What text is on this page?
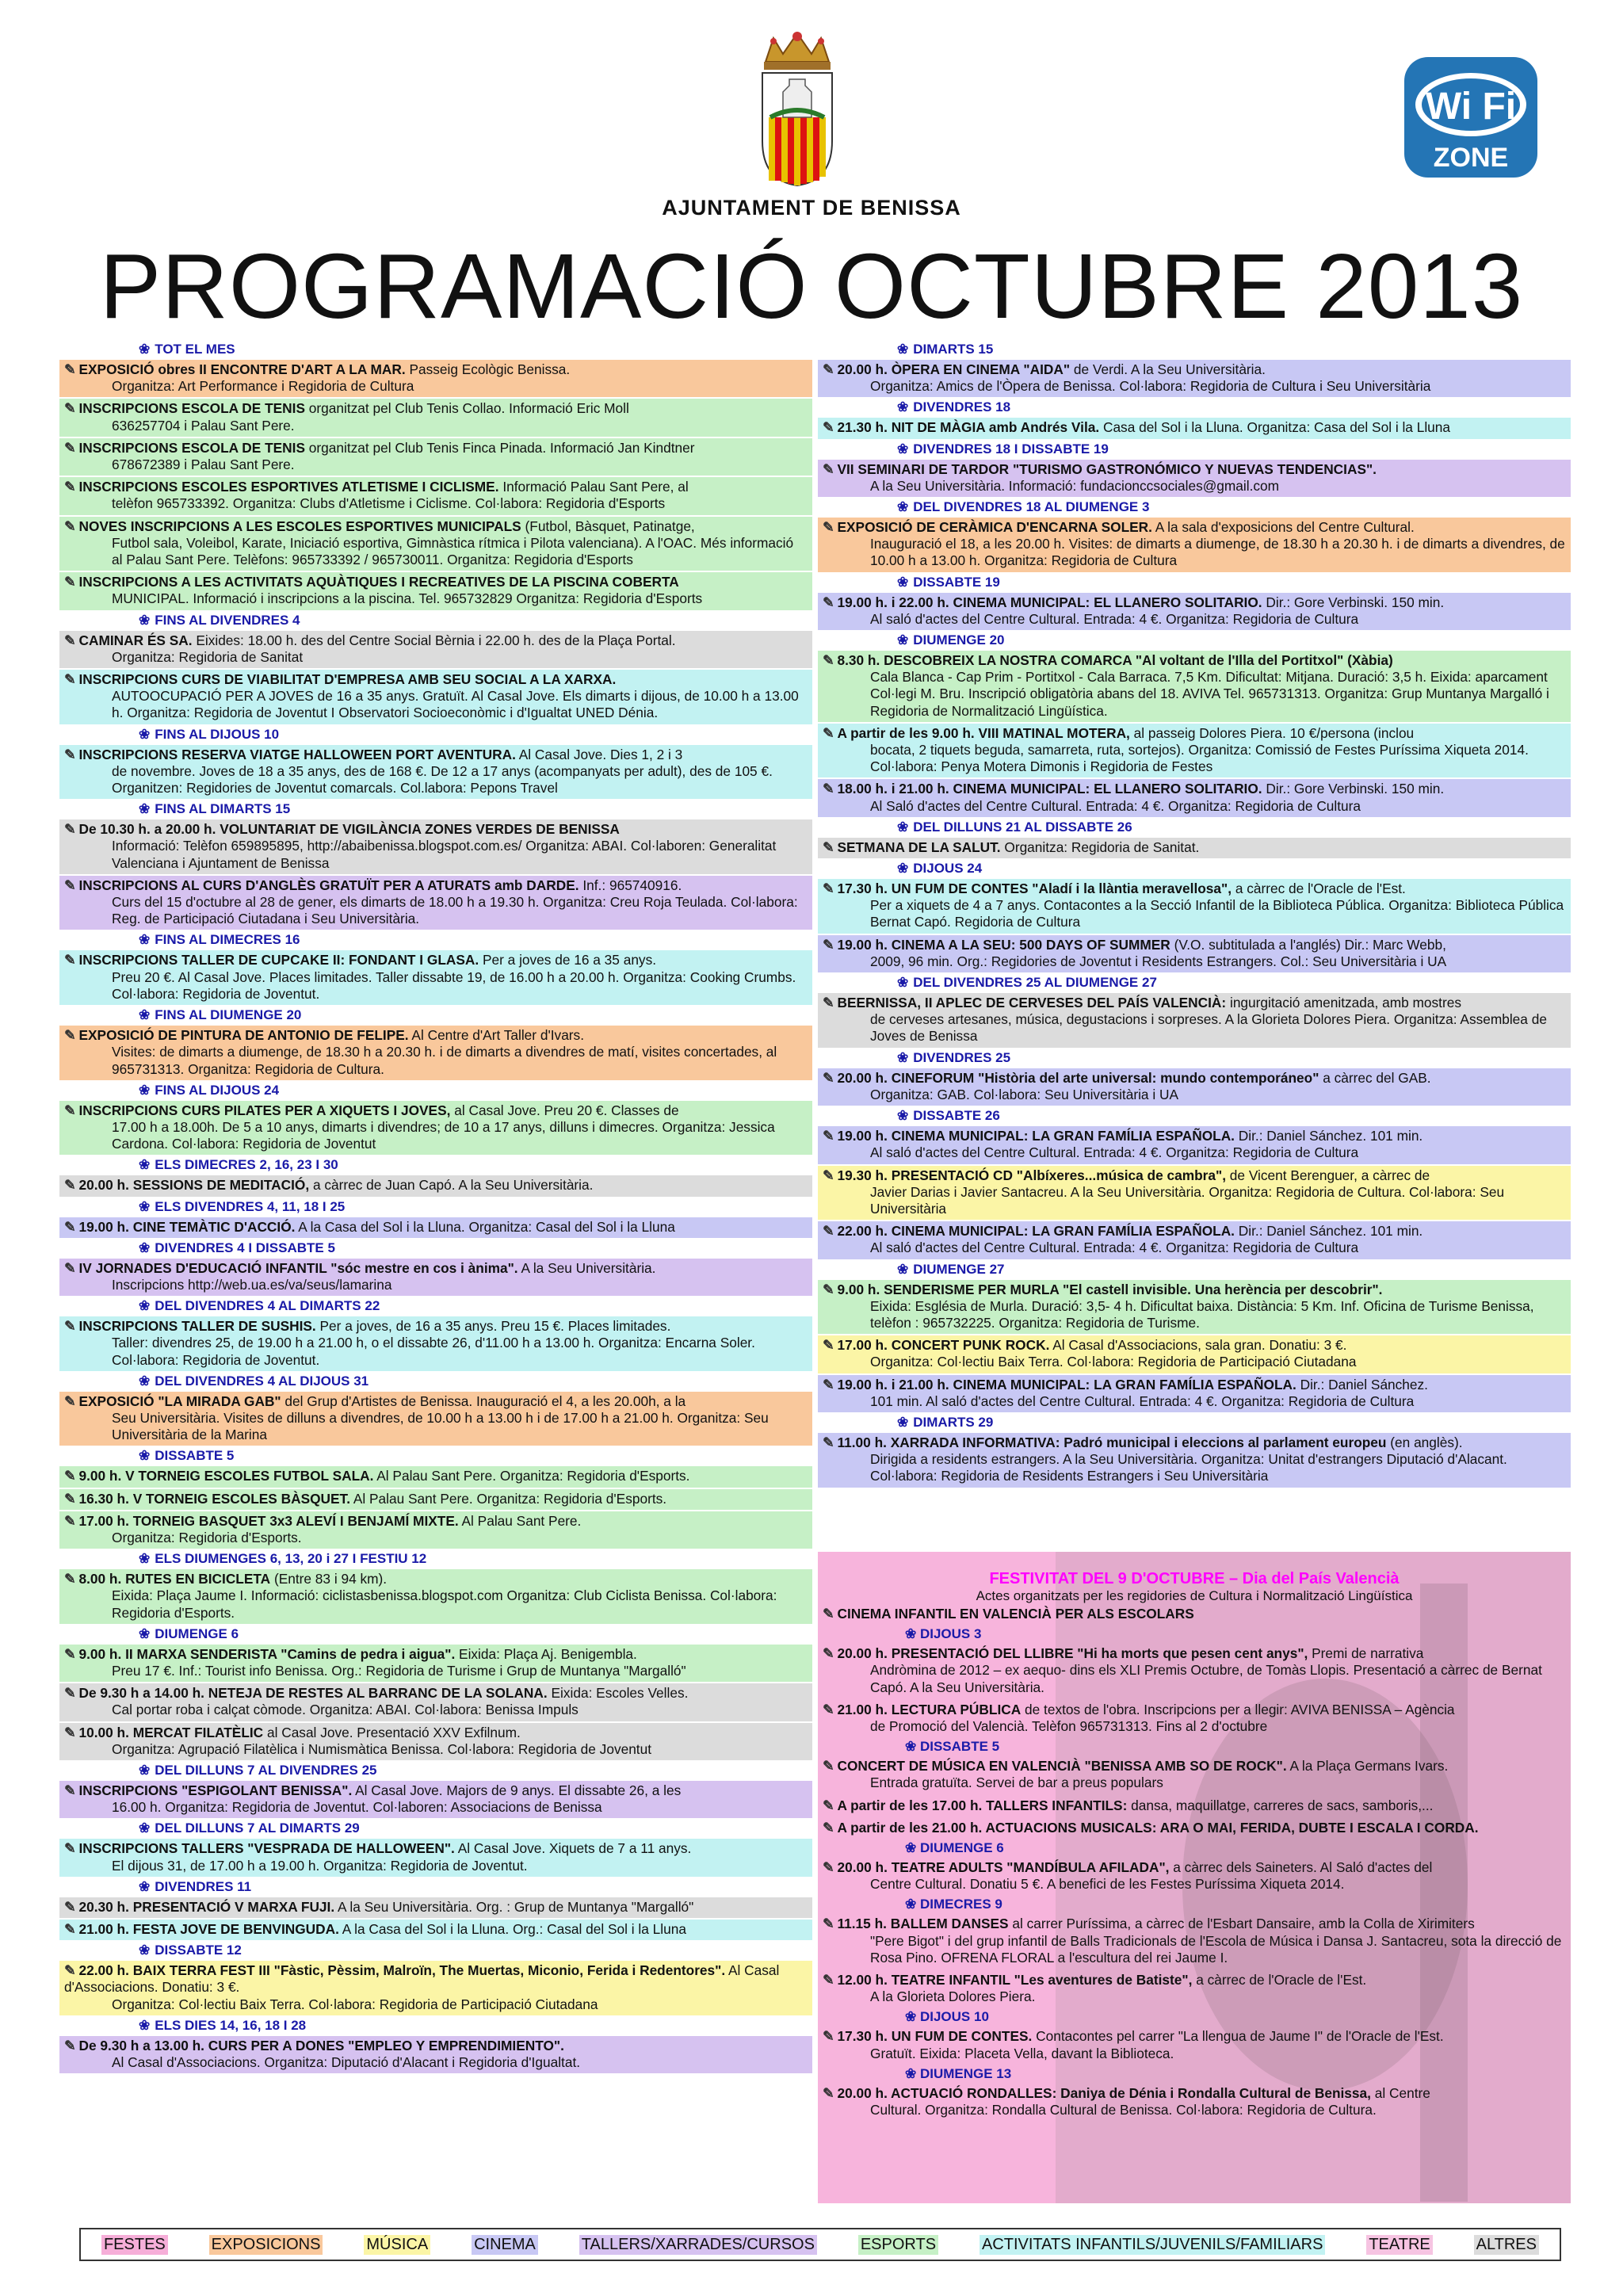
Wi Fi
ZONE
AJUNTAMENT DE BENISSA
PROGRAMACIÓ OCTUBRE 2013
❀ TOT EL MES
✎ EXPOSICIÓ obres II ENCONTRE D'ART A LA MAR. Passeig Ecològic Benissa.
Organitza: Art Performance i Regidoria de Cultura
✎ INSCRIPCIONS ESCOLA DE TENIS organitzat pel Club Tenis Collao. Informació Eric Moll
636257704 i Palau Sant Pere.
✎ INSCRIPCIONS ESCOLA DE TENIS organitzat pel Club Tenis Finca Pinada. Informació Jan Kindtner
678672389 i Palau Sant Pere.
✎ INSCRIPCIONS ESCOLES ESPORTIVES ATLETISME I CICLISME. Informació Palau Sant Pere, al
telèfon 965733392. Organitza: Clubs d'Atletisme i Ciclisme. Col·labora: Regidoria d'Esports
✎ NOVES INSCRIPCIONS A LES ESCOLES ESPORTIVES MUNICIPALS (Futbol, Bàsquet, Patinatge,
Futbol sala, Voleibol, Karate, Iniciació esportiva, Gimnàstica rítmica i Pilota valenciana). A l'OAC. Més informació al Palau Sant Pere. Telèfons: 965733392 / 965730011. Organitza: Regidoria d'Esports
✎ INSCRIPCIONS A LES ACTIVITATS AQUÀTIQUES I RECREATIVES DE LA PISCINA COBERTA
MUNICIPAL. Informació i inscripcions a la piscina. Tel. 965732829 Organitza: Regidoria d'Esports
❀ FINS AL DIVENDRES 4
✎ CAMINAR ÉS SA. Eixides: 18.00 h. des del Centre Social Bèrnia i 22.00 h. des de la Plaça Portal.
Organitza: Regidoria de Sanitat
✎ INSCRIPCIONS CURS DE VIABILITAT D'EMPRESA AMB SEU SOCIAL A LA XARXA.
AUTOOCUPACIÓ PER A JOVES de 16 a 35 anys. Gratuït. Al Casal Jove. Els dimarts i dijous, de 10.00 h a 13.00 h. Organitza: Regidoria de Joventut I Observatori Socioeconòmic i d'Igualtat UNED Dénia.
❀ FINS AL DIJOUS 10
✎ INSCRIPCIONS RESERVA VIATGE HALLOWEEN PORT AVENTURA. Al Casal Jove. Dies 1, 2 i 3
de novembre. Joves de 18 a 35 anys, des de 168 €. De 12 a 17 anys (acompanyats per adult), des de 105 €. Organitzen: Regidories de Joventut comarcals. Col.labora: Pepons Travel
❀ FINS AL DIMARTS 15
✎ De 10.30 h. a 20.00 h. VOLUNTARIAT DE VIGILÀNCIA ZONES VERDES DE BENISSA
Informació: Telèfon 659895895, http://abaibenissa.blogspot.com.es/ Organitza: ABAI. Col·laboren: Generalitat Valenciana i Ajuntament de Benissa
✎ INSCRIPCIONS AL CURS D'ANGLÈS GRATUÏT PER A ATURATS amb DARDE. Inf.: 965740916.
Curs del 15 d'octubre al 28 de gener, els dimarts de 18.00 h a 19.30 h. Organitza: Creu Roja Teulada. Col·labora: Reg. de Participació Ciutadana i Seu Universitària.
❀ FINS AL DIMECRES 16
✎ INSCRIPCIONS TALLER DE CUPCAKE II: FONDANT I GLASA. Per a joves de 16 a 35 anys.
Preu 20 €. Al Casal Jove. Places limitades. Taller dissabte 19, de 16.00 h a 20.00 h. Organitza: Cooking Crumbs. Col·labora: Regidoria de Joventut.
❀ FINS AL DIUMENGE 20
✎ EXPOSICIÓ DE PINTURA DE ANTONIO DE FELIPE. Al Centre d'Art Taller d'Ivars.
Visites: de dimarts a diumenge, de 18.30 h a 20.30 h. i de dimarts a divendres de matí, visites concertades, al 965731313. Organitza: Regidoria de Cultura.
❀ FINS AL DIJOUS 24
✎ INSCRIPCIONS CURS PILATES PER A XIQUETS I JOVES, al Casal Jove. Preu 20 €. Classes de
17.00 h a 18.00h. De 5 a 10 anys, dimarts i divendres; de 10 a 17 anys, dilluns i dimecres. Organitza: Jessica Cardona. Col·labora: Regidoria de Joventut
❀ ELS DIMECRES 2, 16, 23 I 30
✎ 20.00 h. SESSIONS DE MEDITACIÓ, a càrrec de Juan Capó. A la Seu Universitària.
❀ ELS DIVENDRES 4, 11, 18 I 25
✎ 19.00 h. CINE TEMÀTIC D'ACCIÓ. A la Casa del Sol i la Lluna. Organitza: Casal del Sol i la Lluna
❀ DIVENDRES 4 I DISSABTE 5
✎ IV JORNADES D'EDUCACIÓ INFANTIL "sóc mestre en cos i ànima". A la Seu Universitària.
Inscripcions http://web.ua.es/va/seus/lamarina
❀ DEL DIVENDRES 4 AL DIMARTS 22
✎ INSCRIPCIONS TALLER DE SUSHIS. Per a joves, de 16 a 35 anys. Preu 15 €. Places limitades.
Taller: divendres 25, de 19.00 h a 21.00 h, o el dissabte 26, d'11.00 h a 13.00 h. Organitza: Encarna Soler. Col·labora: Regidoria de Joventut.
❀ DEL DIVENDRES 4 AL DIJOUS 31
✎ EXPOSICIÓ "LA MIRADA GAB" del Grup d'Artistes de Benissa. Inauguració el 4, a les 20.00h, a la
Seu Universitària. Visites de dilluns a divendres, de 10.00 h a 13.00 h i de 17.00 h a 21.00 h. Organitza: Seu Universitària de la Marina
❀ DISSABTE 5
✎ 9.00 h. V TORNEIG ESCOLES FUTBOL SALA. Al Palau Sant Pere. Organitza: Regidoria d'Esports.
✎ 16.30 h. V TORNEIG ESCOLES BÀSQUET. Al Palau Sant Pere. Organitza: Regidoria d'Esports.
✎ 17.00 h. TORNEIG BASQUET 3x3 ALEVÍ I BENJAMÍ MIXTE. Al Palau Sant Pere.
Organitza: Regidoria d'Esports.
❀ ELS DIUMENGES 6, 13, 20 i 27 I FESTIU 12
✎ 8.00 h. RUTES EN BICICLETA (Entre 83 i 94 km).
Eixida: Plaça Jaume I. Informació: ciclistasbenissa.blogspot.com Organitza: Club Ciclista Benissa. Col·labora: Regidoria d'Esports.
❀ DIUMENGE 6
✎ 9.00 h. II MARXA SENDERISTA "Camins de pedra i aigua". Eixida: Plaça Aj. Benigembla.
Preu 17 €. Inf.: Tourist info Benissa. Org.: Regidoria de Turisme i Grup de Muntanya "Margalló"
✎ De 9.30 h a 14.00 h. NETEJA DE RESTES AL BARRANC DE LA SOLANA. Eixida: Escoles Velles.
Cal portar roba i calçat còmode. Organitza: ABAI. Col·labora: Benissa Impuls
✎ 10.00 h. MERCAT FILATÈLIC al Casal Jove. Presentació XXV Exfilnum.
Organitza: Agrupació Filatèlica i Numismàtica Benissa. Col·labora: Regidoria de Joventut
❀ DEL DILLUNS 7 AL DIVENDRES 25
✎ INSCRIPCIONS "ESPIGOLANT BENISSA". Al Casal Jove. Majors de 9 anys. El dissabte 26, a les
16.00 h. Organitza: Regidoria de Joventut. Col·laboren: Associacions de Benissa
❀ DEL DILLUNS 7 AL DIMARTS 29
✎ INSCRIPCIONS TALLERS "VESPRADA DE HALLOWEEN". Al Casal Jove. Xiquets de 7 a 11 anys.
El dijous 31, de 17.00 h a 19.00 h. Organitza: Regidoria de Joventut.
❀ DIVENDRES 11
✎ 20.30 h. PRESENTACIÓ V MARXA FUJI. A la Seu Universitària. Org. : Grup de Muntanya "Margalló"
✎ 21.00 h. FESTA JOVE DE BENVINGUDA. A la Casa del Sol i la Lluna. Org.: Casal del Sol i la Lluna
❀ DISSABTE 12
✎ 22.00 h. BAIX TERRA FEST III "Fàstic, Pèssim, Malroïn, The Muertas, Miconio, Ferida i Redentores". Al Casal d'Associacions. Donatiu: 3 €.
Organitza: Col·lectiu Baix Terra. Col·labora: Regidoria de Participació Ciutadana
❀ ELS DIES 14, 16, 18 I 28
✎ De 9.30 h a 13.00 h. CURS PER A DONES "EMPLEO Y EMPRENDIMIENTO".
Al Casal d'Associacions. Organitza: Diputació d'Alacant i Regidoria d'Igualtat.
❀ DIMARTS 15
✎ 20.00 h. ÒPERA EN CINEMA "AIDA" de Verdi. A la Seu Universitària.
Organitza: Amics de l'Òpera de Benissa. Col·labora: Regidoria de Cultura i Seu Universitària
❀ DIVENDRES 18
✎ 21.30 h. NIT DE MÀGIA amb Andrés Vila. Casa del Sol i la Lluna. Organitza: Casa del Sol i la Lluna
❀ DIVENDRES 18 I DISSABTE 19
✎ VII SEMINARI DE TARDOR "TURISMO GASTRONÓMICO Y NUEVAS TENDENCIAS".
A la Seu Universitària. Informació: fundacionccsociales@gmail.com
❀ DEL DIVENDRES 18 AL DIUMENGE 3
✎ EXPOSICIÓ DE CERÀMICA D'ENCARNA SOLER. A la sala d'exposicions del Centre Cultural.
Inauguració el 18, a les 20.00 h. Visites: de dimarts a diumenge, de 18.30 h a 20.30 h. i de dimarts a divendres, de 10.00 h a 13.00 h. Organitza: Regidoria de Cultura
❀ DISSABTE 19
✎ 19.00 h. i 22.00 h. CINEMA MUNICIPAL: EL LLANERO SOLITARIO. Dir.: Gore Verbinski. 150 min.
Al saló d'actes del Centre Cultural. Entrada: 4 €. Organitza: Regidoria de Cultura
❀ DIUMENGE 20
✎ 8.30 h. DESCOBREIX LA NOSTRA COMARCA "Al voltant de l'Illa del Portitxol" (Xàbia)
Cala Blanca - Cap Prim - Portitxol - Cala Barraca. 7,5 Km. Dificultat: Mitjana. Duració: 3,5 h. Eixida: aparcament Col·legi M. Bru. Inscripció obligatòria abans del 18. AVIVA Tel. 965731313. Organitza: Grup Muntanya Margalló i Regidoria de Normalització Lingüística.
✎ A partir de les 9.00 h. VIII MATINAL MOTERA, al passeig Dolores Piera. 10 €/persona (inclou
bocata, 2 tiquets beguda, samarreta, ruta, sortejos). Organitza: Comissió de Festes Puríssima Xiqueta 2014. Col·labora: Penya Motera Dimonis i Regidoria de Festes
✎ 18.00 h. i 21.00 h. CINEMA MUNICIPAL: EL LLANERO SOLITARIO. Dir.: Gore Verbinski. 150 min.
Al Saló d'actes del Centre Cultural. Entrada: 4 €. Organitza: Regidoria de Cultura
❀ DEL DILLUNS 21 AL DISSABTE 26
✎ SETMANA DE LA SALUT. Organitza: Regidoria de Sanitat.
❀ DIJOUS 24
✎ 17.30 h. UN FUM DE CONTES "Aladí i la llàntia meravellosa", a càrrec de l'Oracle de l'Est.
Per a xiquets de 4 a 7 anys. Contacontes a la Secció Infantil de la Biblioteca Pública. Organitza: Biblioteca Pública Bernat Capó. Regidoria de Cultura
✎ 19.00 h. CINEMA A LA SEU: 500 DAYS OF SUMMER (V.O. subtitulada a l'anglés) Dir.: Marc Webb,
2009, 96 min. Org.: Regidories de Joventut i Residents Estrangers. Col.: Seu Universitària i UA
❀ DEL DIVENDRES 25 AL DIUMENGE 27
✎ BEERNISSA, II APLEC DE CERVESES DEL PAÍS VALENCIÀ: ingurgitació amenitzada, amb mostres
de cerveses artesanes, música, degustacions i sorpreses. A la Glorieta Dolores Piera. Organitza: Assemblea de Joves de Benissa
❀ DIVENDRES 25
✎ 20.00 h. CINEFORUM "Història del arte universal: mundo contemporáneo" a càrrec del GAB.
Organitza: GAB. Col·labora: Seu Universitària i UA
❀ DISSABTE 26
✎ 19.00 h. CINEMA MUNICIPAL: LA GRAN FAMÍLIA ESPAÑOLA. Dir.: Daniel Sánchez. 101 min.
Al saló d'actes del Centre Cultural. Entrada: 4 €. Organitza: Regidoria de Cultura
✎ 19.30 h. PRESENTACIÓ CD "Albíxeres...música de cambra", de Vicent Berenguer, a càrrec de
Javier Darias i Javier Santacreu. A la Seu Universitària. Organitza: Regidoria de Cultura. Col·labora: Seu Universitària
✎ 22.00 h. CINEMA MUNICIPAL: LA GRAN FAMÍLIA ESPAÑOLA. Dir.: Daniel Sánchez. 101 min.
Al saló d'actes del Centre Cultural. Entrada: 4 €. Organitza: Regidoria de Cultura
❀ DIUMENGE 27
✎ 9.00 h. SENDERISME PER MURLA "El castell invisible. Una herència per descobrir".
Eixida: Església de Murla. Duració: 3,5- 4 h. Dificultat baixa. Distància: 5 Km. Inf. Oficina de Turisme Benissa, telèfon : 965732225. Organitza: Regidoria de Turisme.
✎ 17.00 h. CONCERT PUNK ROCK. Al Casal d'Associacions, sala gran. Donatiu: 3 €.
Organitza: Col·lectiu Baix Terra. Col·labora: Regidoria de Participació Ciutadana
✎ 19.00 h. i 21.00 h. CINEMA MUNICIPAL: LA GRAN FAMÍLIA ESPAÑOLA. Dir.: Daniel Sánchez.
101 min. Al saló d'actes del Centre Cultural. Entrada: 4 €. Organitza: Regidoria de Cultura
❀ DIMARTS 29
✎ 11.00 h. XARRADA INFORMATIVA: Padró municipal i eleccions al parlament europeu (en anglès).
Dirigida a residents estrangers. A la Seu Universitària. Organitza: Unitat d'estrangers Diputació d'Alacant. Col·labora: Regidoria de Residents Estrangers i Seu Universitària
FESTIVITAT DEL 9 D'OCTUBRE – Dia del País Valencià
Actes organitzats per les regidories de Cultura i Normalització Lingüística
✎ CINEMA INFANTIL EN VALENCIÀ PER ALS ESCOLARS
❀ DIJOUS 3
✎ 20.00 h. PRESENTACIÓ DEL LLIBRE "Hi ha morts que pesen cent anys", Premi de narrativa
Andròmina de 2012 – ex aequo- dins els XLI Premis Octubre, de Tomàs Llopis. Presentació a càrrec de Bernat Capó. A la Seu Universitària.
✎ 21.00 h. LECTURA PÚBLICA de textos de l'obra. Inscripcions per a llegir: AVIVA BENISSA – Agència
de Promoció del Valencià. Telèfon 965731313. Fins al 2 d'octubre
❀ DISSABTE 5
✎ CONCERT DE MÚSICA EN VALENCIÀ "BENISSA AMB SO DE ROCK". A la Plaça Germans Ivars.
Entrada gratuïta. Servei de bar a preus populars
✎ A partir de les 17.00 h. TALLERS INFANTILS: dansa, maquillatge, carreres de sacs, samboris,...
✎ A partir de les 21.00 h. ACTUACIONS MUSICALS: ARA O MAI, FERIDA, DUBTE I ESCALA I CORDA.
❀ DIUMENGE 6
✎ 20.00 h. TEATRE ADULTS "MANDÍBULA AFILADA", a càrrec dels Saineters. Al Saló d'actes del
Centre Cultural. Donatiu 5 €. A benefici de les Festes Puríssima Xiqueta 2014.
❀ DIMECRES 9
✎ 11.15 h. BALLEM DANSES al carrer Puríssima, a càrrec de l'Esbart Dansaire, amb la Colla de Xirimiters
"Pere Bigot" i del grup infantil de Balls Tradicionals de l'Escola de Música i Dansa J. Santacreu, sota la direcció de Rosa Pino. OFRENA FLORAL a l'escultura del rei Jaume I.
✎ 12.00 h. TEATRE INFANTIL "Les aventures de Batiste", a càrrec de l'Oracle de l'Est.
A la Glorieta Dolores Piera.
❀ DIJOUS 10
✎ 17.30 h. UN FUM DE CONTES. Contacontes pel carrer "La llengua de Jaume I" de l'Oracle de l'Est.
Gratuït. Eixida: Placeta Vella, davant la Biblioteca.
❀ DIUMENGE 13
✎ 20.00 h. ACTUACIÓ RONDALLES: Daniya de Dénia i Rondalla Cultural de Benissa, al Centre
Cultural. Organitza: Rondalla Cultural de Benissa. Col·labora: Regidoria de Cultura.
FESTES	EXPOSICIONS	MÚSICA	CINEMA	TALLERS/XARRADES/CURSOS	ESPORTS	ACTIVITATS INFANTILS/JUVENILS/FAMILIARS	TEATRE	ALTRES
